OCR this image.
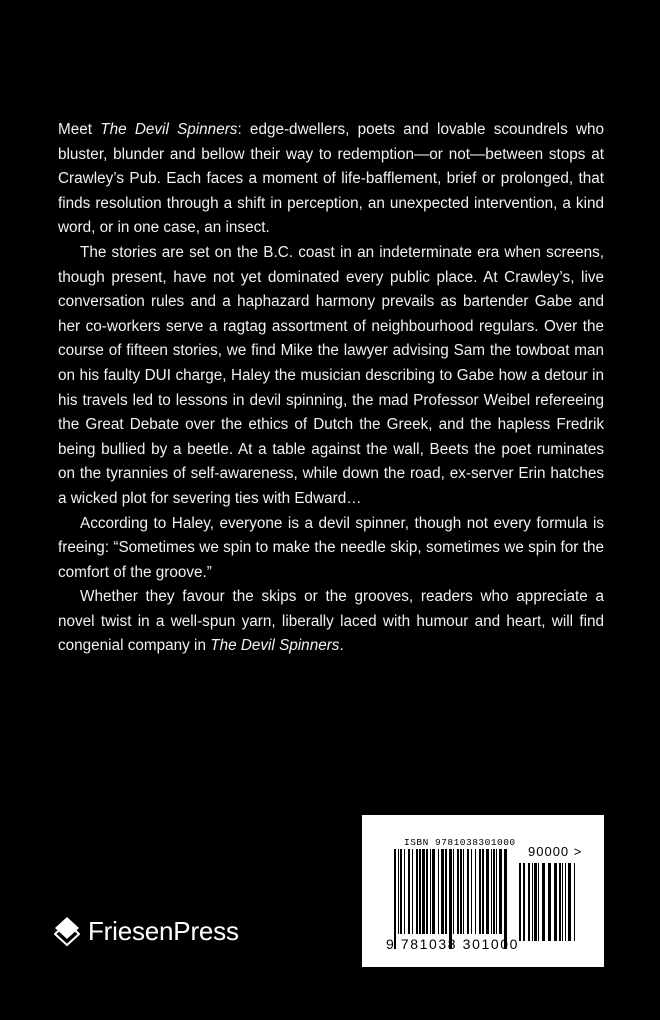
Meet The Devil Spinners: edge-dwellers, poets and lovable scoundrels who bluster, blunder and bellow their way to redemption—or not—between stops at Crawley’s Pub. Each faces a moment of life-bafflement, brief or prolonged, that finds resolution through a shift in perception, an unexpected intervention, a kind word, or in one case, an insect.

The stories are set on the B.C. coast in an indeterminate era when screens, though present, have not yet dominated every public place. At Crawley’s, live conversation rules and a haphazard harmony prevails as bartender Gabe and her co-workers serve a ragtag assortment of neighbourhood regulars. Over the course of fifteen stories, we find Mike the lawyer advising Sam the towboat man on his faulty DUI charge, Haley the musician describing to Gabe how a detour in his travels led to lessons in devil spinning, the mad Professor Weibel refereeing the Great Debate over the ethics of Dutch the Greek, and the hapless Fredrik being bullied by a beetle. At a table against the wall, Beets the poet ruminates on the tyrannies of self-awareness, while down the road, ex-server Erin hatches a wicked plot for severing ties with Edward…

According to Haley, everyone is a devil spinner, though not every formula is freeing: “Sometimes we spin to make the needle skip, sometimes we spin for the comfort of the groove.”

Whether they favour the skips or the grooves, readers who appreciate a novel twist in a well-spun yarn, liberally laced with humour and heart, will find congenial company in The Devil Spinners.

FriesenPress
ISBN 9781038301000
90000 >
9 781038 301000
